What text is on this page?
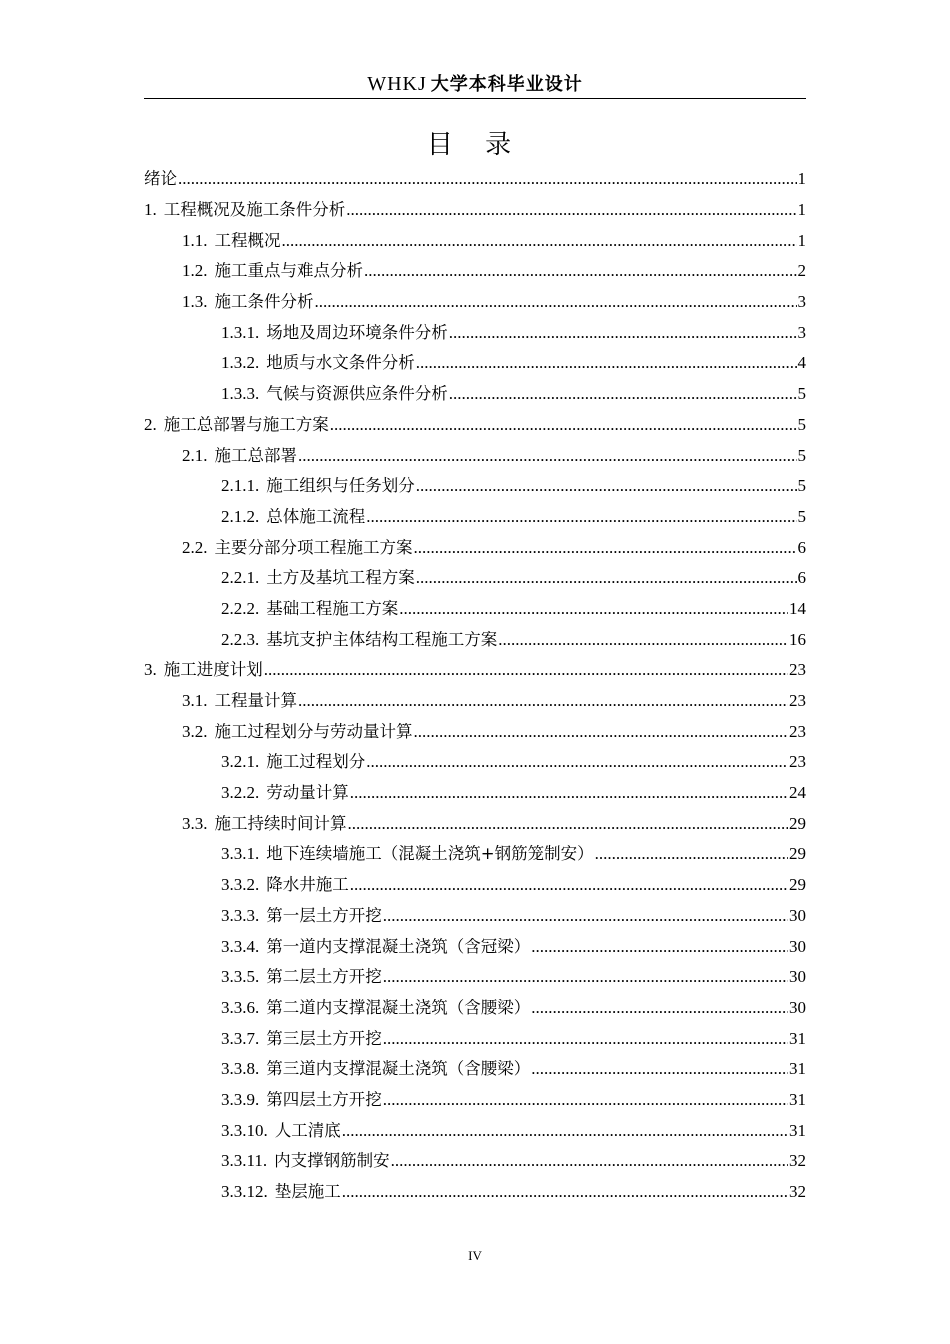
WHKJ 大学本科毕业设计
目 录
绪论 .....	1
1. 工程概况及施工条件分析 .....	1
1.1. 工程概况 .....	1
1.2. 施工重点与难点分析 .....	2
1.3. 施工条件分析 .....	3
1.3.1. 场地及周边环境条件分析 .....	3
1.3.2. 地质与水文条件分析 .....	4
1.3.3. 气候与资源供应条件分析 .....	5
2. 施工总部署与施工方案 .....	5
2.1. 施工总部署 .....	5
2.1.1. 施工组织与任务划分 .....	5
2.1.2. 总体施工流程 .....	5
2.2. 主要分部分项工程施工方案 .....	6
2.2.1. 土方及基坑工程方案 .....	6
2.2.2. 基础工程施工方案 .....	14
2.2.3. 基坑支护主体结构工程施工方案 .....	16
3. 施工进度计划 .....	23
3.1. 工程量计算 .....	23
3.2. 施工过程划分与劳动量计算 .....	23
3.2.1. 施工过程划分 .....	23
3.2.2. 劳动量计算 .....	24
3.3. 施工持续时间计算 .....	29
3.3.1. 地下连续墙施工（混凝土浇筑+钢筋笼制安） .....	29
3.3.2. 降水井施工 .....	29
3.3.3. 第一层土方开挖 .....	30
3.3.4. 第一道内支撑混凝土浇筑（含冠梁） .....	30
3.3.5. 第二层土方开挖 .....	30
3.3.6. 第二道内支撑混凝土浇筑（含腰梁） .....	30
3.3.7. 第三层土方开挖 .....	31
3.3.8. 第三道内支撑混凝土浇筑（含腰梁） .....	31
3.3.9. 第四层土方开挖 .....	31
3.3.10. 人工清底 .....	31
3.3.11. 内支撑钢筋制安 .....	32
3.3.12. 垫层施工 .....	32
IV
